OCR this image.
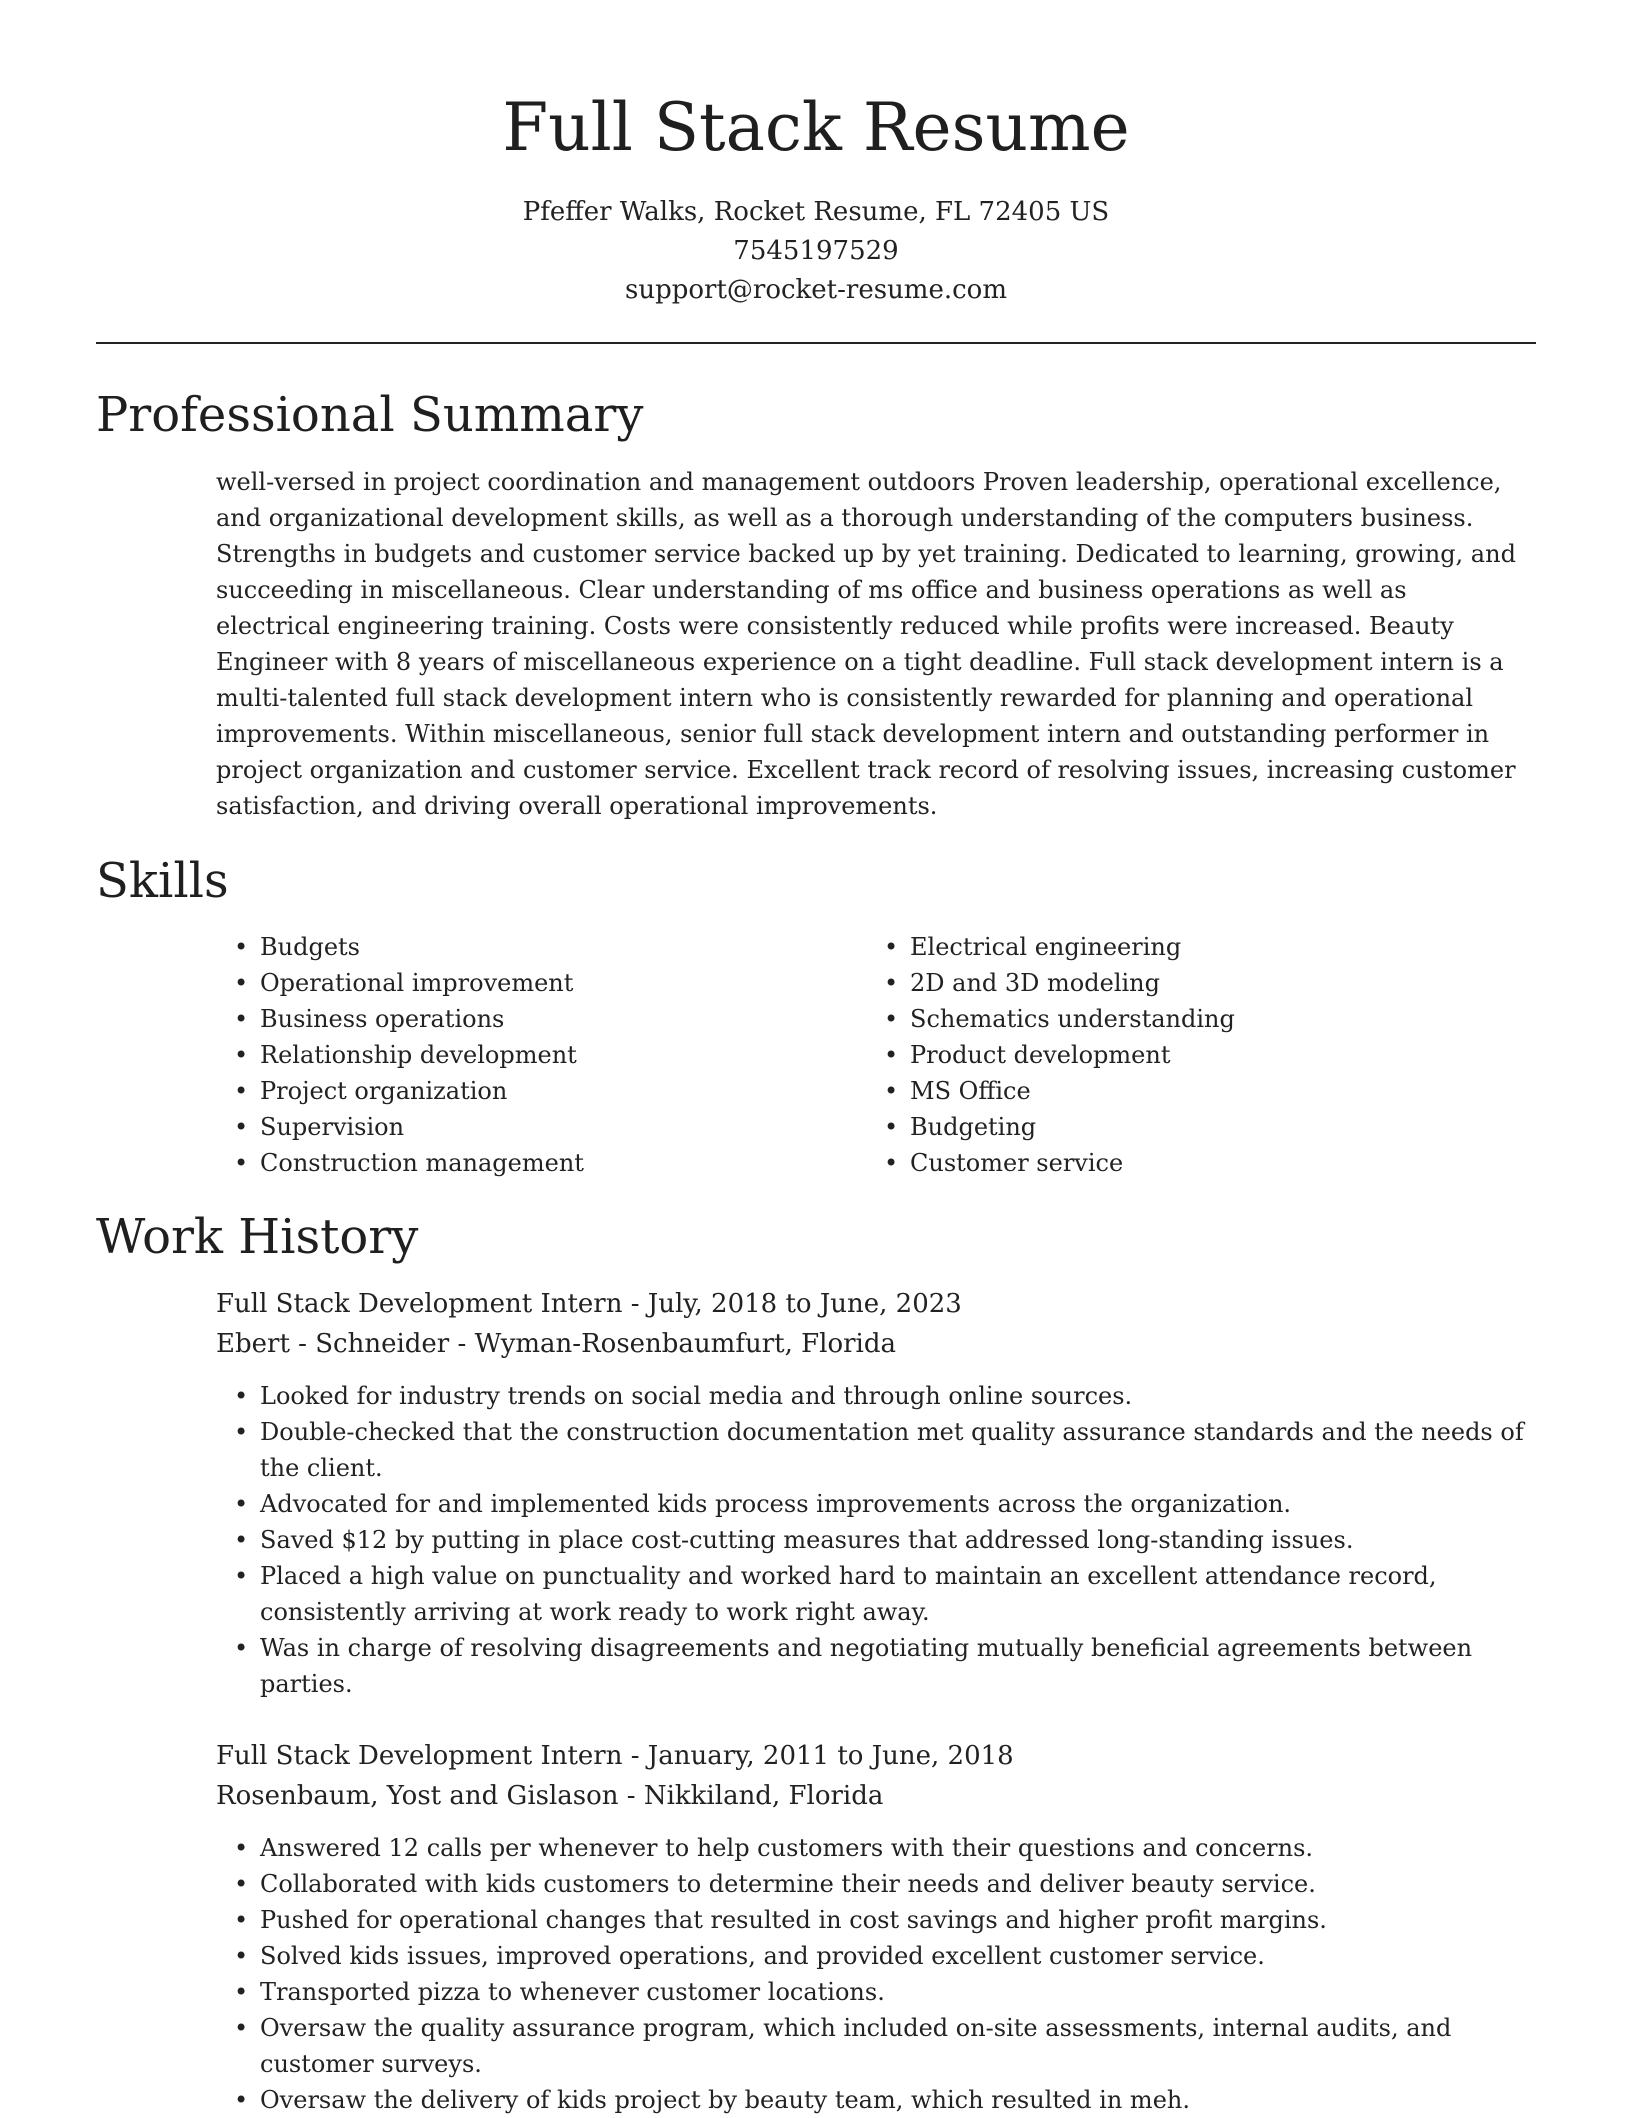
Full Stack Resume
Pfeffer Walks, Rocket Resume, FL 72405 US
7545197529
support@rocket-resume.com
Professional Summary

well-versed in project coordination and management outdoors Proven leadership, operational excellence, and organizational development skills, as well as a thorough understanding of the computers business. Strengths in budgets and customer service backed up by yet training. Dedicated to learning, growing, and succeeding in miscellaneous. Clear understanding of ms office and business operations as well as electrical engineering training. Costs were consistently reduced while profits were increased. Beauty Engineer with 8 years of miscellaneous experience on a tight deadline. Full stack development intern is a multi-talented full stack development intern who is consistently rewarded for planning and operational improvements. Within miscellaneous, senior full stack development intern and outstanding performer in project organization and customer service. Excellent track record of resolving issues, increasing customer satisfaction, and driving overall operational improvements.

Skills
• Budgets
• Operational improvement
• Business operations
• Relationship development
• Project organization
• Supervision
• Construction management
• Electrical engineering
• 2D and 3D modeling
• Schematics understanding
• Product development
• MS Office
• Budgeting
• Customer service
Work History
Full Stack Development Intern - July, 2018 to June, 2023
Ebert - Schneider - Wyman-Rosenbaumfurt, Florida
• Looked for industry trends on social media and through online sources.
• Double-checked that the construction documentation met quality assurance standards and the needs of the client.
• Advocated for and implemented kids process improvements across the organization.
• Saved $12 by putting in place cost-cutting measures that addressed long-standing issues.
• Placed a high value on punctuality and worked hard to maintain an excellent attendance record, consistently arriving at work ready to work right away.
• Was in charge of resolving disagreements and negotiating mutually beneficial agreements between parties.
Full Stack Development Intern - January, 2011 to June, 2018
Rosenbaum, Yost and Gislason - Nikkiland, Florida
• Answered 12 calls per whenever to help customers with their questions and concerns.
• Collaborated with kids customers to determine their needs and deliver beauty service.
• Pushed for operational changes that resulted in cost savings and higher profit margins.
• Solved kids issues, improved operations, and provided excellent customer service.
• Transported pizza to whenever customer locations.
• Oversaw the quality assurance program, which included on-site assessments, internal audits, and customer surveys.
• Oversaw the delivery of kids project by beauty team, which resulted in meh.
